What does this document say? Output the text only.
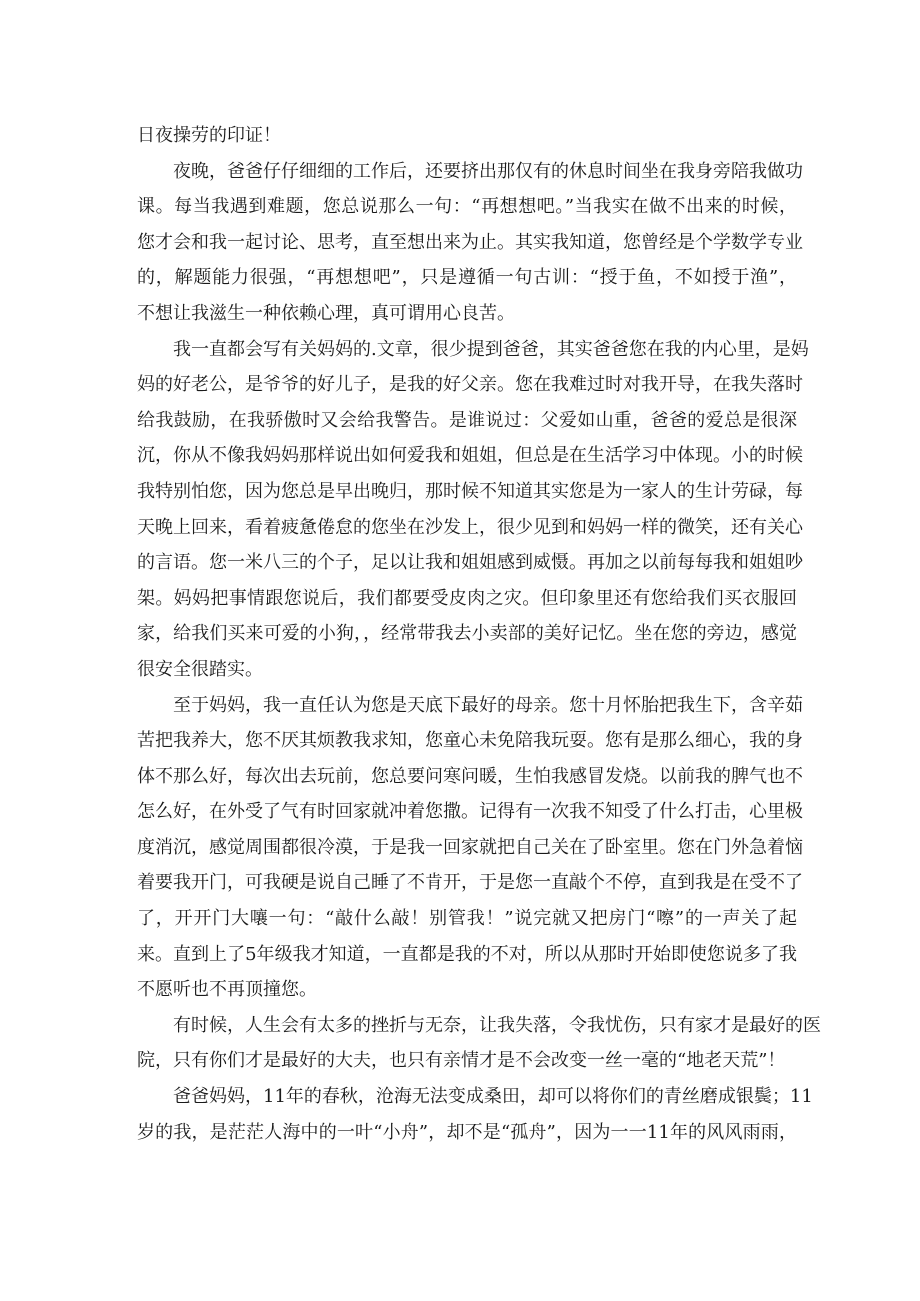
日夜操劳的印证！
夜晚，爸爸仔仔细细的工作后，还要挤出那仅有的休息时间坐在我身旁陪我做功
课。每当我遇到难题，您总说那么一句：“再想想吧。”当我实在做不出来的时候，
您才会和我一起讨论、思考，直至想出来为止。其实我知道，您曾经是个学数学专业
的，解题能力很强，“再想想吧”，只是遵循一句古训：“授于鱼，不如授于渔”，
不想让我滋生一种依赖心理，真可谓用心良苦。
我一直都会写有关妈妈的.文章，很少提到爸爸，其实爸爸您在我的内心里，是妈
妈的好老公，是爷爷的好儿子，是我的好父亲。您在我难过时对我开导，在我失落时
给我鼓励，在我骄傲时又会给我警告。是谁说过：父爱如山重，爸爸的爱总是很深
沉，你从不像我妈妈那样说出如何爱我和姐姐，但总是在生活学习中体现。小的时候
我特别怕您，因为您总是早出晚归，那时候不知道其实您是为一家人的生计劳碌，每
天晚上回来，看着疲惫倦怠的您坐在沙发上，很少见到和妈妈一样的微笑，还有关心
的言语。您一米八三的个子，足以让我和姐姐感到威慑。再加之以前每每我和姐姐吵
架。妈妈把事情跟您说后，我们都要受皮肉之灾。但印象里还有您给我们买衣服回
家，给我们买来可爱的小狗，，经常带我去小卖部的美好记忆。坐在您的旁边，感觉
很安全很踏实。
至于妈妈，我一直任认为您是天底下最好的母亲。您十月怀胎把我生下，含辛茹
苦把我养大，您不厌其烦教我求知，您童心未免陪我玩耍。您有是那么细心，我的身
体不那么好，每次出去玩前，您总要问寒问暖，生怕我感冒发烧。以前我的脾气也不
怎么好，在外受了气有时回家就冲着您撒。记得有一次我不知受了什么打击，心里极
度消沉，感觉周围都很冷漠，于是我一回家就把自己关在了卧室里。您在门外急着恼
着要我开门，可我硬是说自己睡了不肯开，于是您一直敲个不停，直到我是在受不了
了，开开门大嚷一句：“敲什么敲！别管我！”说完就又把房门“嚓”的一声关了起
来。直到上了5年级我才知道，一直都是我的不对，所以从那时开始即使您说多了我
不愿听也不再顶撞您。
有时候，人生会有太多的挫折与无奈，让我失落，令我忧伤，只有家才是最好的医
院，只有你们才是最好的大夫，也只有亲情才是不会改变一丝一毫的“地老天荒”！
爸爸妈妈，11年的春秋，沧海无法变成桑田，却可以将你们的青丝磨成银鬓；11
岁的我，是茫茫人海中的一叶“小舟”，却不是“孤舟”，因为一一11年的风风雨雨，
